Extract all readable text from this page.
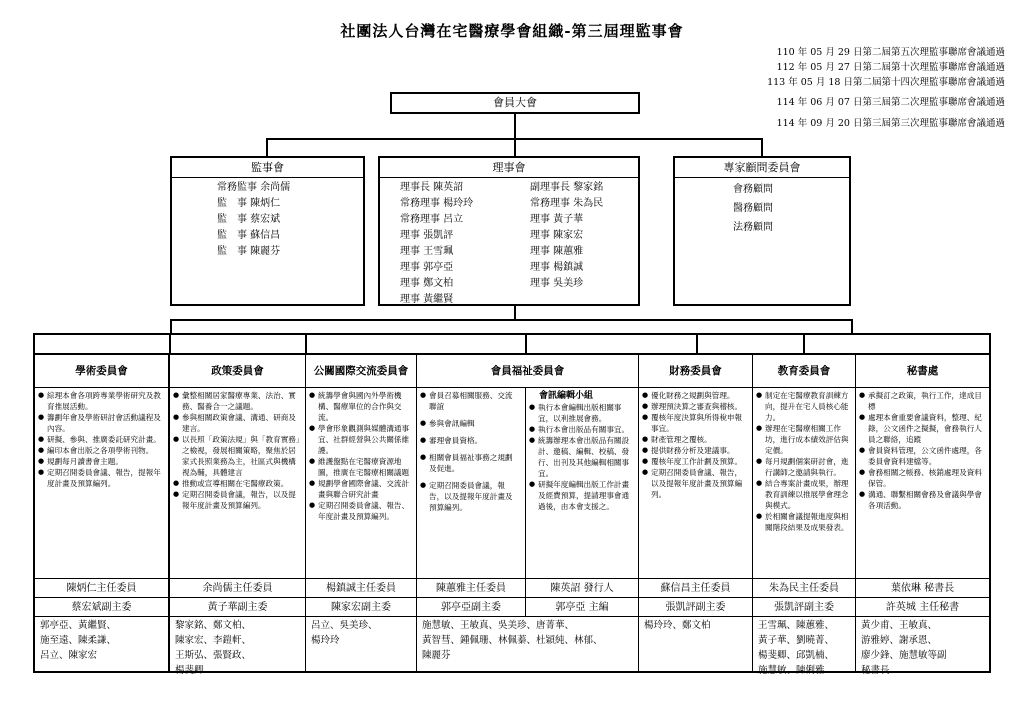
社團法人台灣在宅醫療學會組織-第三屆理監事會
110 年 05 月 29 日第二屆第五次理監事聯席會議通過
112 年 05 月 27 日第二屆第十次理監事聯席會議通過
113 年 05 月 18 日第二屆第十四次理監事聯席會議通過
114 年 06 月 07 日第三屆第二次理監事聯席會議通過
114 年 09 月 20 日第三屆第三次理監事聯席會議通過
會員大會
監事會
常務監事 余尚儒
監　事 陳炳仁
監　事 蔡宏斌
監　事 蘇信昌
監　事 陳麗芬
理事會
理事長 陳英詔
常務理事 楊玲玲
常務理事 呂立
理事 張凱評
理事 王雪珮
理事 郭亭亞
理事 鄭文柏
理事 黃繼賢
副理事長 黎家銘
常務理事 朱為民
理事 黃子華
理事 陳家宏
理事 陳蕙雅
理事 楊鎮誠
理事 吳美珍
專家顧問委員會
會務顧問
醫務顧問
法務顧問
學術委員會
● 綜理本會各項跨專業學術研究及教育推展活動。
● 籌劃年會及學術研討會活動議程及內容。
● 研擬、參與、推廣委託研究計畫。
● 編印本會出版之各項學術刊物。
● 規劃每月讀書會主題。
● 定期召開委員會議、報告，提報年度計畫及預算編列。
陳炳仁主任委員
蔡宏斌副主委
郭亭亞、黃繼賢、
施至遠、陳柔謙、
呂立、陳家宏
政策委員會
● 彙整相關居家醫療專業、法治、實務、醫養合一之議題。
● 參與相關政策會議、溝通、研商及建言。
● 以長照「政策法規」與「教育實務」之檢視，發展相關策略，聚焦於居家式長照業務為主，社區式與機構視為輔，具體建言
● 推動或宣導相關在宅醫療政策。
● 定期召開委員會議，報告，以及提報年度計畫及預算編列。
余尚儒主任委員
黃子華副主委
黎家銘、鄭文柏、
陳家宏、李鎧軒、
王斯弘、張賢政、
楊斐卿
公關國際交流委員會
● 統籌學會與國內外學術機構、醫療單位的合作與交流。
● 學會形象觀測與媒體溝通事宜、社群經營與公共關係維護。
● 維護盤點在宅醫療資源地圖，推廣在宅醫療相關議題
● 規劃學會國際會議、交流計畫與聯合研究計畫
● 定期召開委員會議、報告、年度計畫及預算編列。
楊鎮誠主任委員
陳家宏副主委
呂立、吳美珍、
楊玲玲
會員福祉委員會
● 會員召募相關服務、交流聯誼
● 參與會訊編輯
● 審理會員資格。
● 相關會員福祉事務之規劃及促進。
● 定期召開委員會議，報告，以及提報年度計畫及預算編列。
會訊編輯小組
● 執行本會編輯出版相關事宜，以利推展會務。
● 執行本會出版品有關事宜。
● 統籌辦理本會出版品有關設計、邀稿、編輯、校稿、發行、出刊及其他編輯相關事宜。
● 研擬年度編輯出版工作計畫及經費預算，提請理事會通過後，由本會支援之。
陳蕙雅主任委員	陳英詔 發行人
郭亭亞副主委	郭亭亞 主編
施慧敏、王敏真、吳美珍、唐菁華、
黃智彗、鍾佩珊、林佩蓁、杜穎純、林郁、
陳麗芬
財務委員會
● 優化財務之規劃與管理。
● 辦理預決算之審查與稽核。
● 覆核年度決算與所得稅申報事宜。
● 財產管理之覆核。
● 提供財務分析及建議事。
● 覆核年度工作計劃及預算。
● 定期召開委員會議、報告，以及提報年度計畫及預算編列。
蘇信昌主任委員
張凱評副主委
楊玲玲、鄭文柏
教育委員會
● 制定在宅醫療教育訓練方向，提升在宅人員核心能力。
● 辦理在宅醫療相關工作坊，進行成本績效評估與定價。
● 每月規劃個案研討會，進行講師之邀請與執行。
● 結合專案計畫成果，辦理教育訓練以推展學會理念與模式。
● 於相關會議提報進度與相關階段結果及成果發表。
朱為民主任委員
張凱評副主委
王雪珮、陳蕙雅、
黃子華、劉曉菁、
楊斐卿、邱凱楠、
施慧敏、陳俐雅
秘書處
● 承擬訂之政策，執行工作，達成目標
● 處理本會重要會議資料，整理、紀錄，公文函件之擬擬，會務執行人員之聯絡，追蹤
● 會員資料管理，公文函件處理，各委員會資料建檔等。
● 會務相關之帳務、核銷處理及資料保管。
● 溝通、聯繫相關會務及會議與學會各項活動。
葉依琳 秘書長
許英城 主任秘書
黃少甫、王敏真、
游雅婷、謝承恩、
廖少鋒、施慧敏等副
秘書長
